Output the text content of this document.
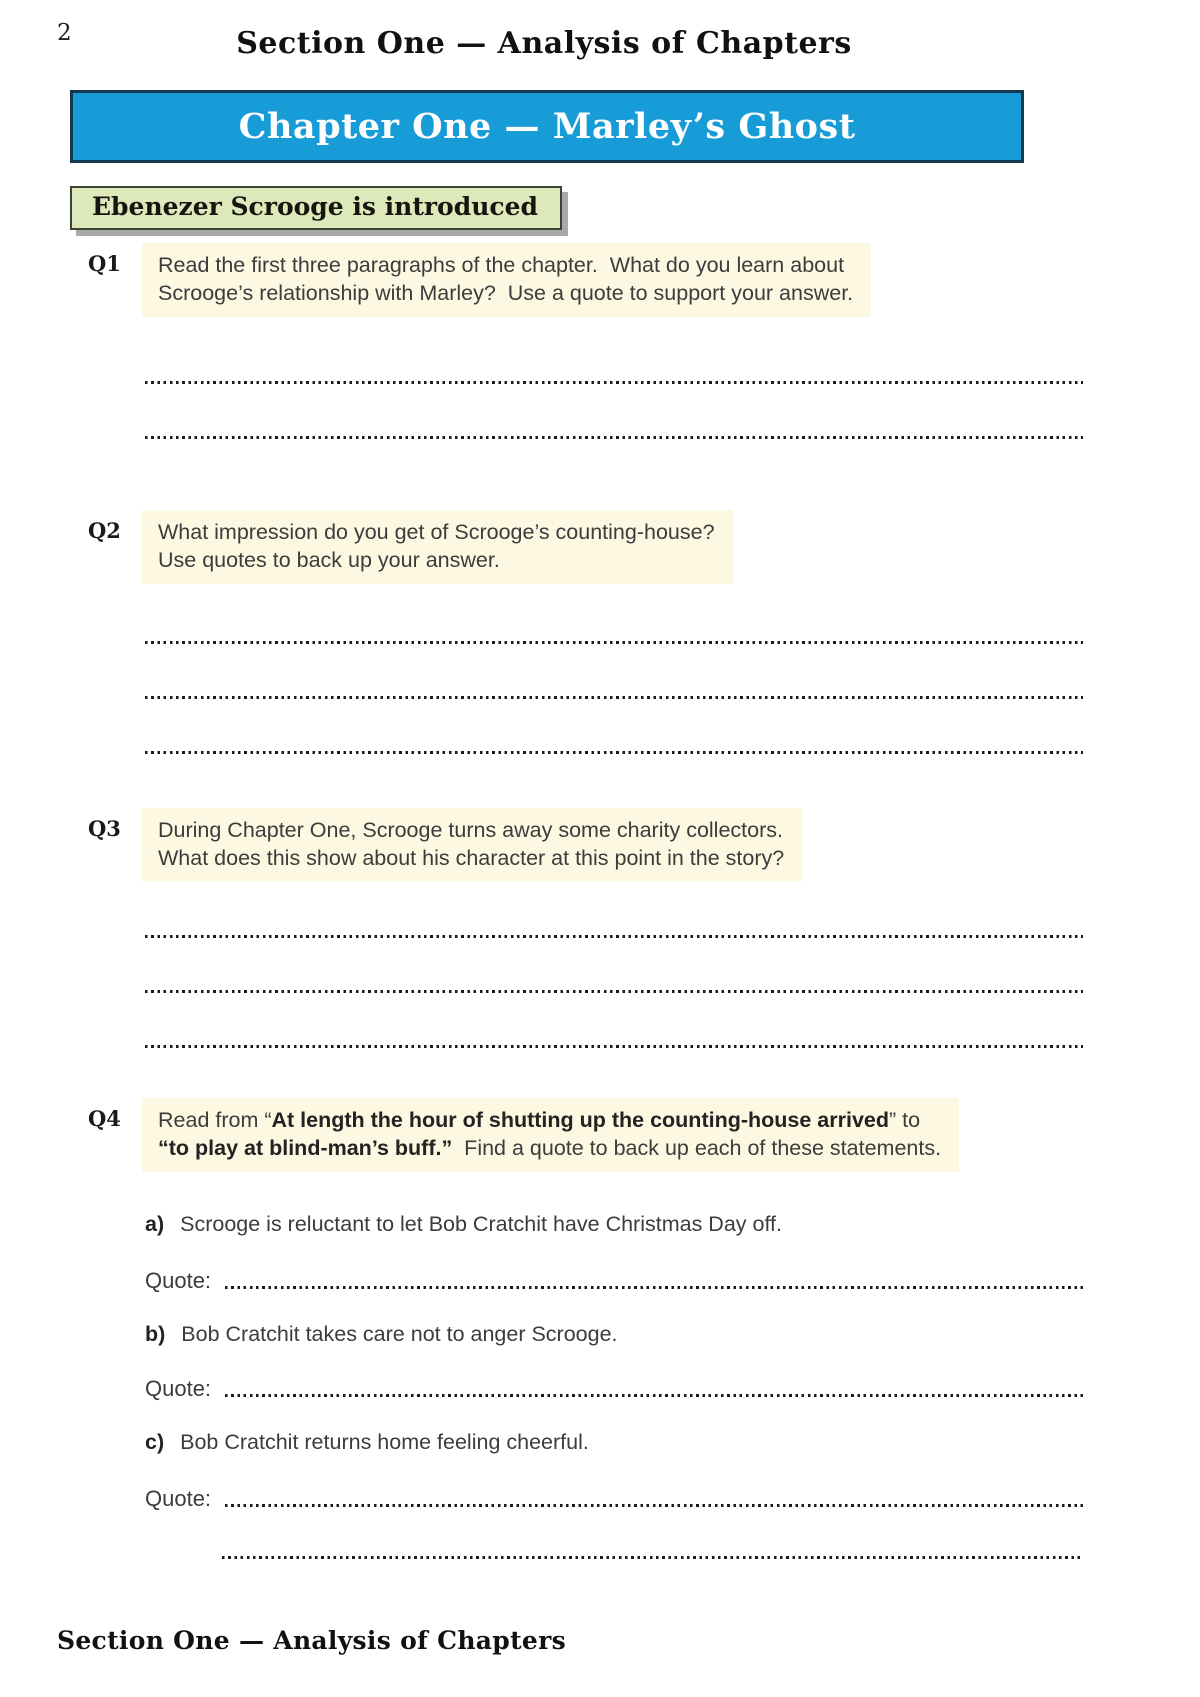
2	Section One — Analysis of Chapters
Chapter One — Marley’s Ghost
Ebenezer Scrooge is introduced
Q1 Read the first three paragraphs of the chapter.  What do you learn about
Scrooge’s relationship with Marley?  Use a quote to support your answer.
Q2 What impression do you get of Scrooge’s counting-house?
Use quotes to back up your answer.
Q3 During Chapter One, Scrooge turns away some charity collectors.
What does this show about his character at this point in the story?
Q4 Read from “At length the hour of shutting up the counting-house arrived” to
“to play at blind-man’s buff.”  Find a quote to back up each of these statements.
a) Scrooge is reluctant to let Bob Cratchit have Christmas Day off.
Quote:
b) Bob Cratchit takes care not to anger Scrooge.
Quote:
c) Bob Cratchit returns home feeling cheerful.
Quote:
Section One — Analysis of Chapters
